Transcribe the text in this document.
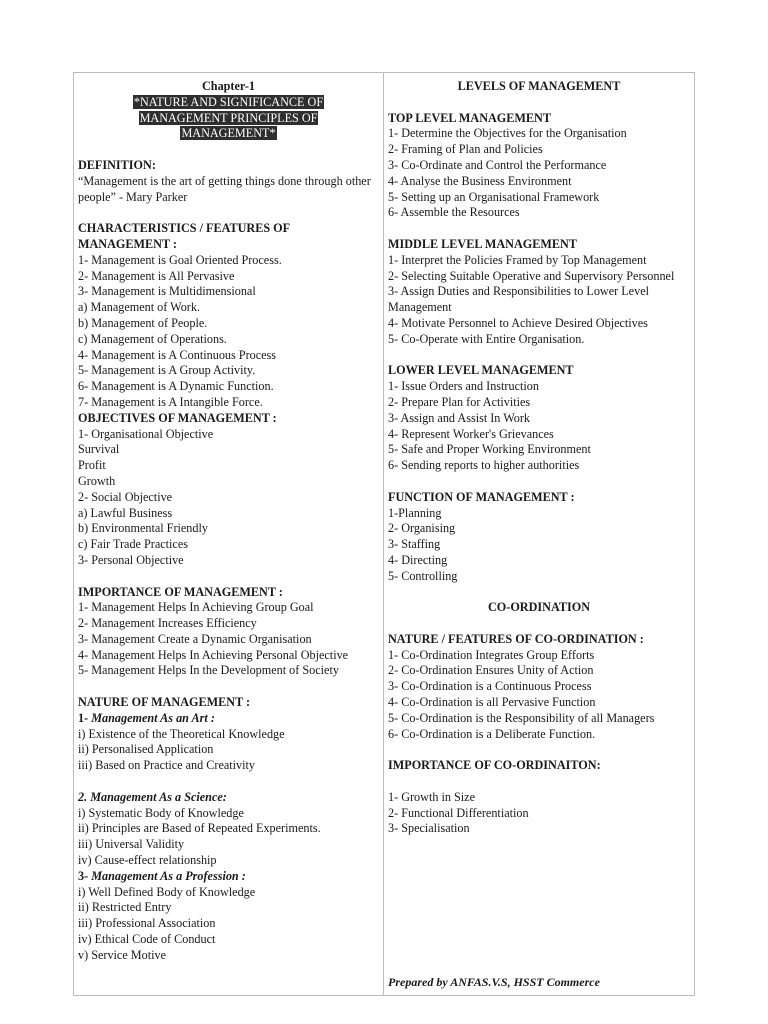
Chapter-1
*NATURE AND SIGNIFICANCE OF
MANAGEMENT PRINCIPLES OF
MANAGEMENT*
DEFINITION:
“Management is the art of getting things done through other people” - Mary Parker
CHARACTERISTICS / FEATURES OF
MANAGEMENT :
1- Management is Goal Oriented Process.
2- Management is All Pervasive
3- Management is Multidimensional
a) Management of Work.
b) Management of People.
c) Management of Operations.
4- Management is A Continuous Process
5- Management is A Group Activity.
6- Management is A Dynamic Function.
7- Management is A Intangible Force.
OBJECTIVES OF MANAGEMENT :
1- Organisational Objective
Survival
Profit
Growth
2- Social Objective
a) Lawful Business
b) Environmental Friendly
c) Fair Trade Practices
3- Personal Objective
IMPORTANCE OF MANAGEMENT :
1- Management Helps In Achieving Group Goal
2- Management Increases Efficiency
3- Management Create a Dynamic Organisation
4- Management Helps In Achieving Personal Objective
5- Management Helps In the Development of Society
NATURE OF MANAGEMENT :
1- Management As an Art :
i) Existence of the Theoretical Knowledge
ii) Personalised Application
iii) Based on Practice and Creativity
2. Management As a Science:
i) Systematic Body of Knowledge
ii) Principles are Based of Repeated Experiments.
iii) Universal Validity
iv) Cause-effect relationship
3- Management As a Profession :
i) Well Defined Body of Knowledge
ii) Restricted Entry
iii) Professional Association
iv) Ethical Code of Conduct
v) Service Motive
LEVELS OF MANAGEMENT
TOP LEVEL MANAGEMENT
1- Determine the Objectives for the Organisation
2- Framing of Plan and Policies
3- Co-Ordinate and Control the Performance
4- Analyse the Business Environment
5- Setting up an Organisational Framework
6- Assemble the Resources
MIDDLE LEVEL MANAGEMENT
1- Interpret the Policies Framed by Top Management
2- Selecting Suitable Operative and Supervisory Personnel
3- Assign Duties and Responsibilities to Lower Level Management
4- Motivate Personnel to Achieve Desired Objectives
5- Co-Operate with Entire Organisation.
LOWER LEVEL MANAGEMENT
1- Issue Orders and Instruction
2- Prepare Plan for Activities
3- Assign and Assist In Work
4- Represent Worker's Grievances
5- Safe and Proper Working Environment
6- Sending reports to higher authorities
FUNCTION OF MANAGEMENT :
1-Planning
2- Organising
3- Staffing
4- Directing
5- Controlling
CO-ORDINATION
NATURE / FEATURES OF CO-ORDINATION :
1- Co-Ordination Integrates Group Efforts
2- Co-Ordination Ensures Unity of Action
3- Co-Ordination is a Continuous Process
4- Co-Ordination is all Pervasive Function
5- Co-Ordination is the Responsibility of all Managers
6- Co-Ordination is a Deliberate Function.
IMPORTANCE OF CO-ORDINAITON:
1- Growth in Size
2- Functional Differentiation
3- Specialisation
Prepared by ANFAS.V.S, HSST Commerce
